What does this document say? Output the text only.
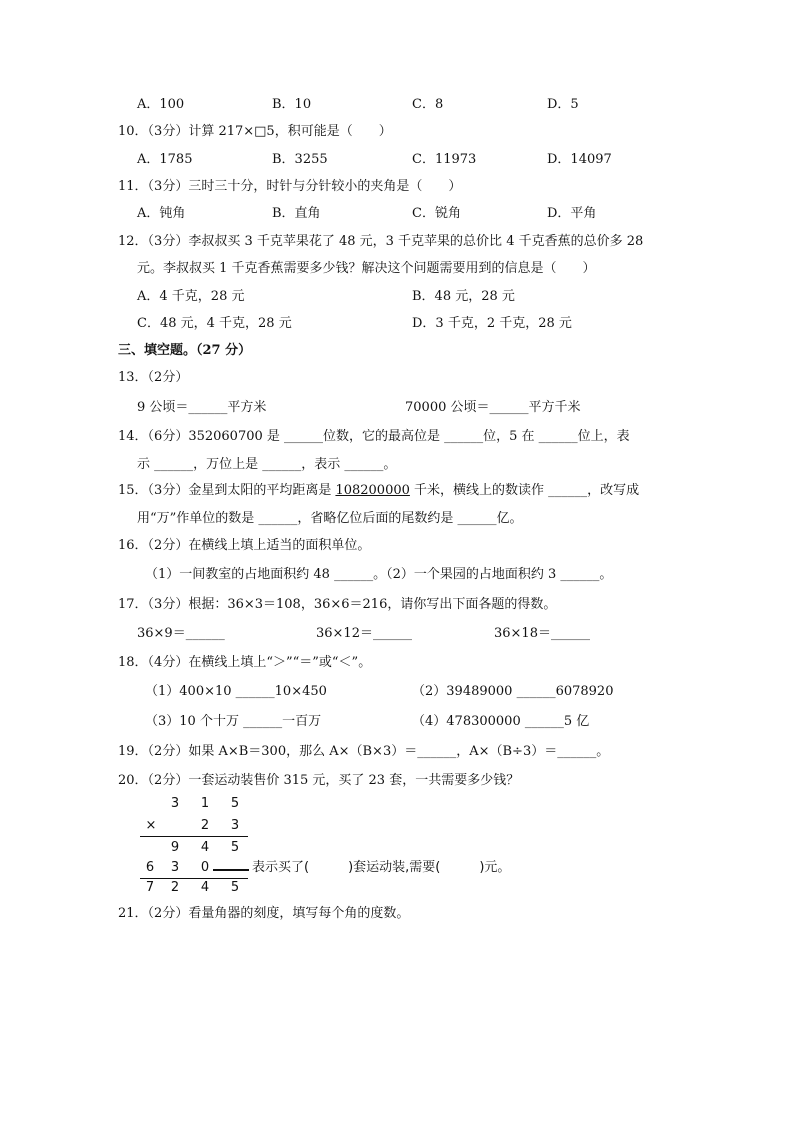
A．100	B．10	C．8	D．5
10．（3分）计算 217×□5，积可能是（　　）
A．1785	B．3255	C．11973	D．14097
11．（3分）三时三十分，时针与分针较小的夹角是（　　）
A．钝角	B．直角	C．锐角	D．平角
12．（3分）李叔叔买 3 千克苹果花了 48 元，3 千克苹果的总价比 4 千克香蕉的总价多 28
元。李叔叔买 1 千克香蕉需要多少钱？解决这个问题需要用到的信息是（　　）
A．4 千克，28 元	B．48 元，28 元
C．48 元，4 千克，28 元	D．3 千克，2 千克，28 元
三、填空题。（27 分）
13．（2分）
9 公顷＝______平方米	70000 公顷＝______平方千米
14．（6分）352060700 是 ______位数，它的最高位是 ______位，5 在 ______位上，表
示 ______，万位上是 ______，表示 ______。
15．（3分）金星到太阳的平均距离是 108200000 千米，横线上的数读作 ______，改写成
用“万”作单位的数是 ______，省略亿位后面的尾数约是 ______亿。
16．（2分）在横线上填上适当的面积单位。
（1）一间教室的占地面积约 48 ______。（2）一个果园的占地面积约 3 ______。
17．（3分）根据：36×3＝108，36×6＝216，请你写出下面各题的得数。
36×9＝______	36×12＝______	36×18＝______
18．（4分）在横线上填上“＞”“＝”或“＜”。
（1）400×10 ______10×450	（2）39489000 ______6078920
（3）10 个十万 ______一百万	（4）478300000 ______5 亿
19．（2分）如果 A×B＝300，那么 A×（B×3）＝______，A×（B÷3）＝______。
20．（2分）一套运动装售价 315 元，买了 23 套，一共需要多少钱？
3 1 5
×	2 3
9 4 5
6 3 0	表示买了(　　　)套运动装,需要(　　　)元。
7 2 4 5
21．（2分）看量角器的刻度，填写每个角的度数。
